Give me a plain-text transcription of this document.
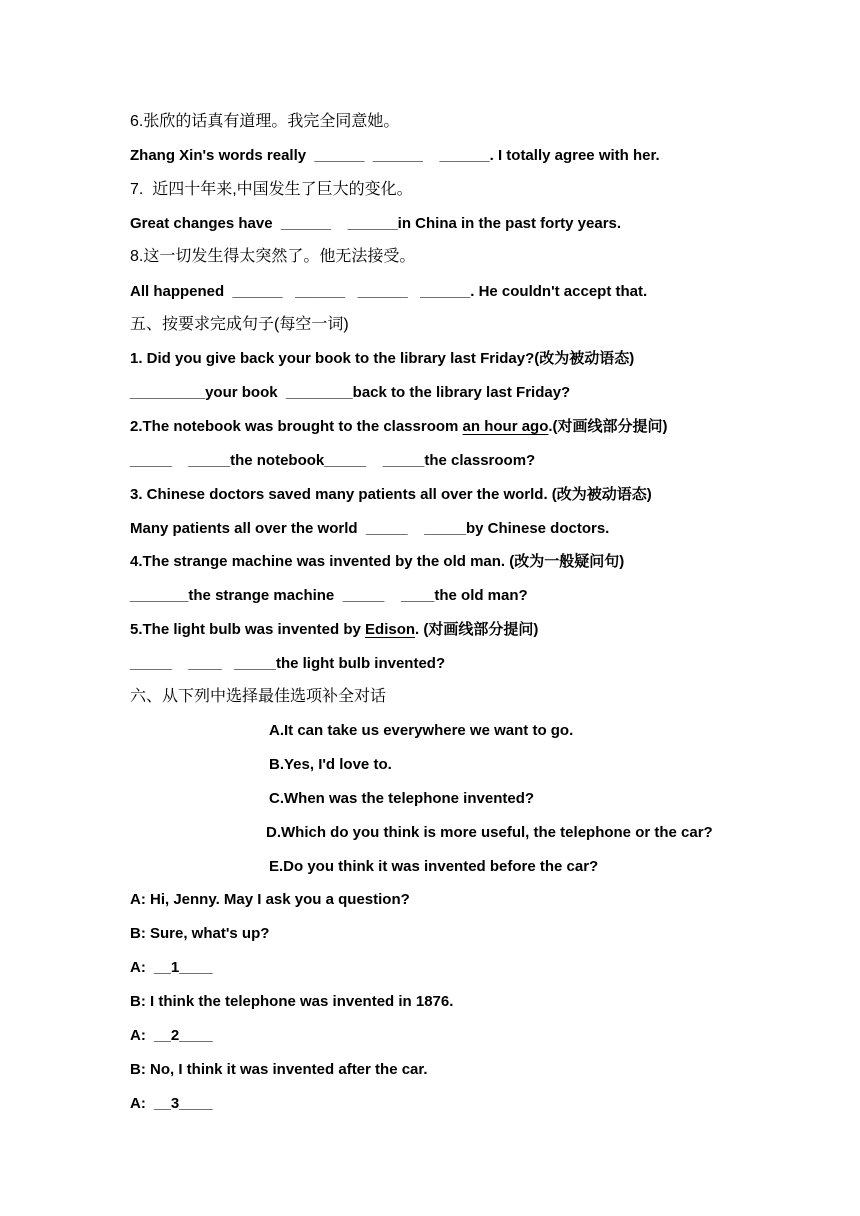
6.张欣的话真有道理。我完全同意她。
Zhang Xin's words really  ______  ______    ______. I totally agree with her.
7.  近四十年来,中国发生了巨大的变化。
Great changes have  ______    ______in China in the past forty years.
8.这一切发生得太突然了。他无法接受。
All happened  ______   ______   ______   ______. He couldn't accept that.
五、按要求完成句子(每空一词)
1. Did you give back your book to the library last Friday?(改为被动语态)
_________your book  ________back to the library last Friday?
2.The notebook was brought to the classroom an hour ago.(对画线部分提问)
_____    _____the notebook_____    _____the classroom?
3. Chinese doctors saved many patients all over the world. (改为被动语态)
Many patients all over the world  _____    _____by Chinese doctors.
4.The strange machine was invented by the old man. (改为一般疑问句)
_______the strange machine  _____    ____the old man?
5.The light bulb was invented by Edison. (对画线部分提问)
_____    ____   _____the light bulb invented?
六、从下列中选择最佳选项补全对话
A.It can take us everywhere we want to go.
B.Yes, I'd love to.
C.When was the telephone invented?
D.Which do you think is more useful, the telephone or the car?
E.Do you think it was invented before the car?
A: Hi, Jenny. May I ask you a question?
B: Sure, what's up?
A:  __1____
B: I think the telephone was invented in 1876.
A:  __2____
B: No, I think it was invented after the car.
A:  __3____
